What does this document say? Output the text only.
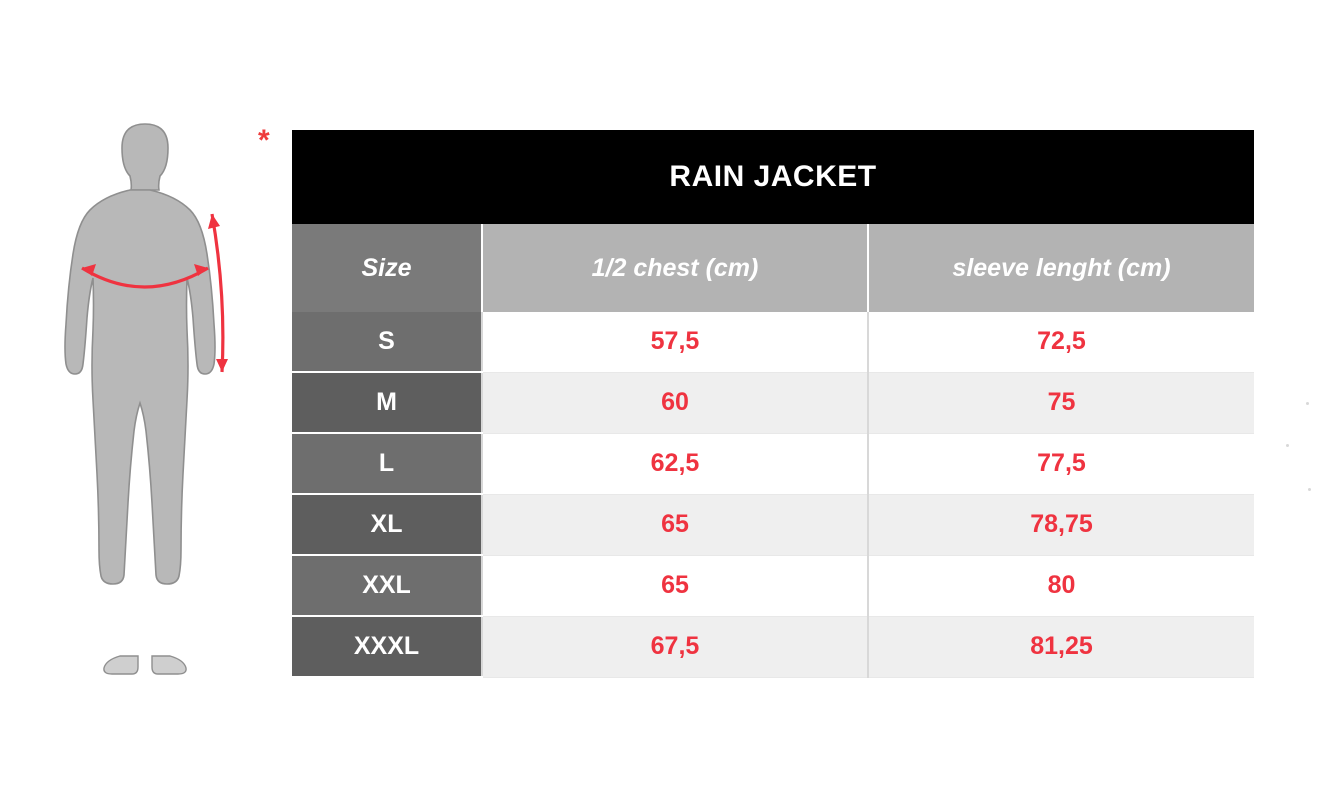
*
RAIN JACKET		
Size	1/2 chest (cm)	sleeve lenght (cm)
S	57,5	72,5
M	60	75
L	62,5	77,5
XL	65	78,75
XXL	65	80
XXXL	67,5	81,25
